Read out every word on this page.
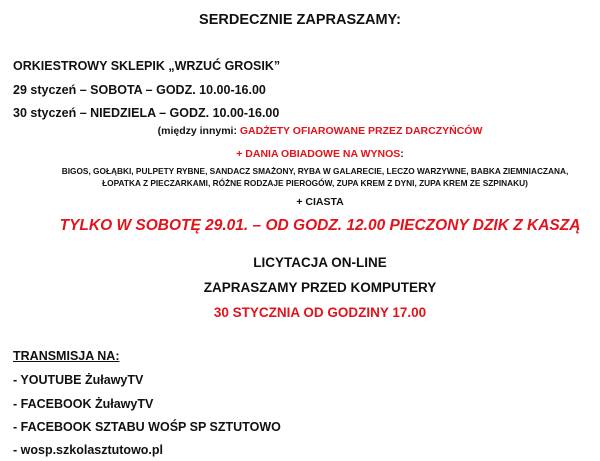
SERDECZNIE ZAPRASZAMY:
ORKIESTROWY SKLEPIK „WRZUĆ GROSIK”
29 styczeń – SOBOTA – GODZ. 10.00-16.00
30 styczeń – NIEDZIELA – GODZ. 10.00-16.00
(między innymi: GADŻETY OFIAROWANE PRZEZ DARCZYŃCÓW
+ DANIA OBIADOWE NA WYNOS:
BIGOS, GOŁĄBKI, PULPETY RYBNE, SANDACZ SMAŻONY, RYBA W GALARECIE, LECZO WARZYWNE, BABKA ZIEMNIACZANA,
ŁOPATKA Z PIECZARKAMI, RÓŻNE RODZAJE PIEROGÓW, ZUPA KREM Z DYNI, ZUPA KREM ZE SZPINAKU)
+ CIASTA
TYLKO W SOBOTĘ 29.01. – OD GODZ. 12.00 PIECZONY DZIK Z KASZĄ
LICYTACJA ON-LINE
ZAPRASZAMY PRZED KOMPUTERY
30 STYCZNIA OD GODZINY 17.00
TRANSMISJA NA:
- YOUTUBE ŻuławyTV
- FACEBOOK ŻuławyTV
- FACEBOOK SZTABU WOŚP SP SZTUTOWO
- wosp.szkolasztutowo.pl
